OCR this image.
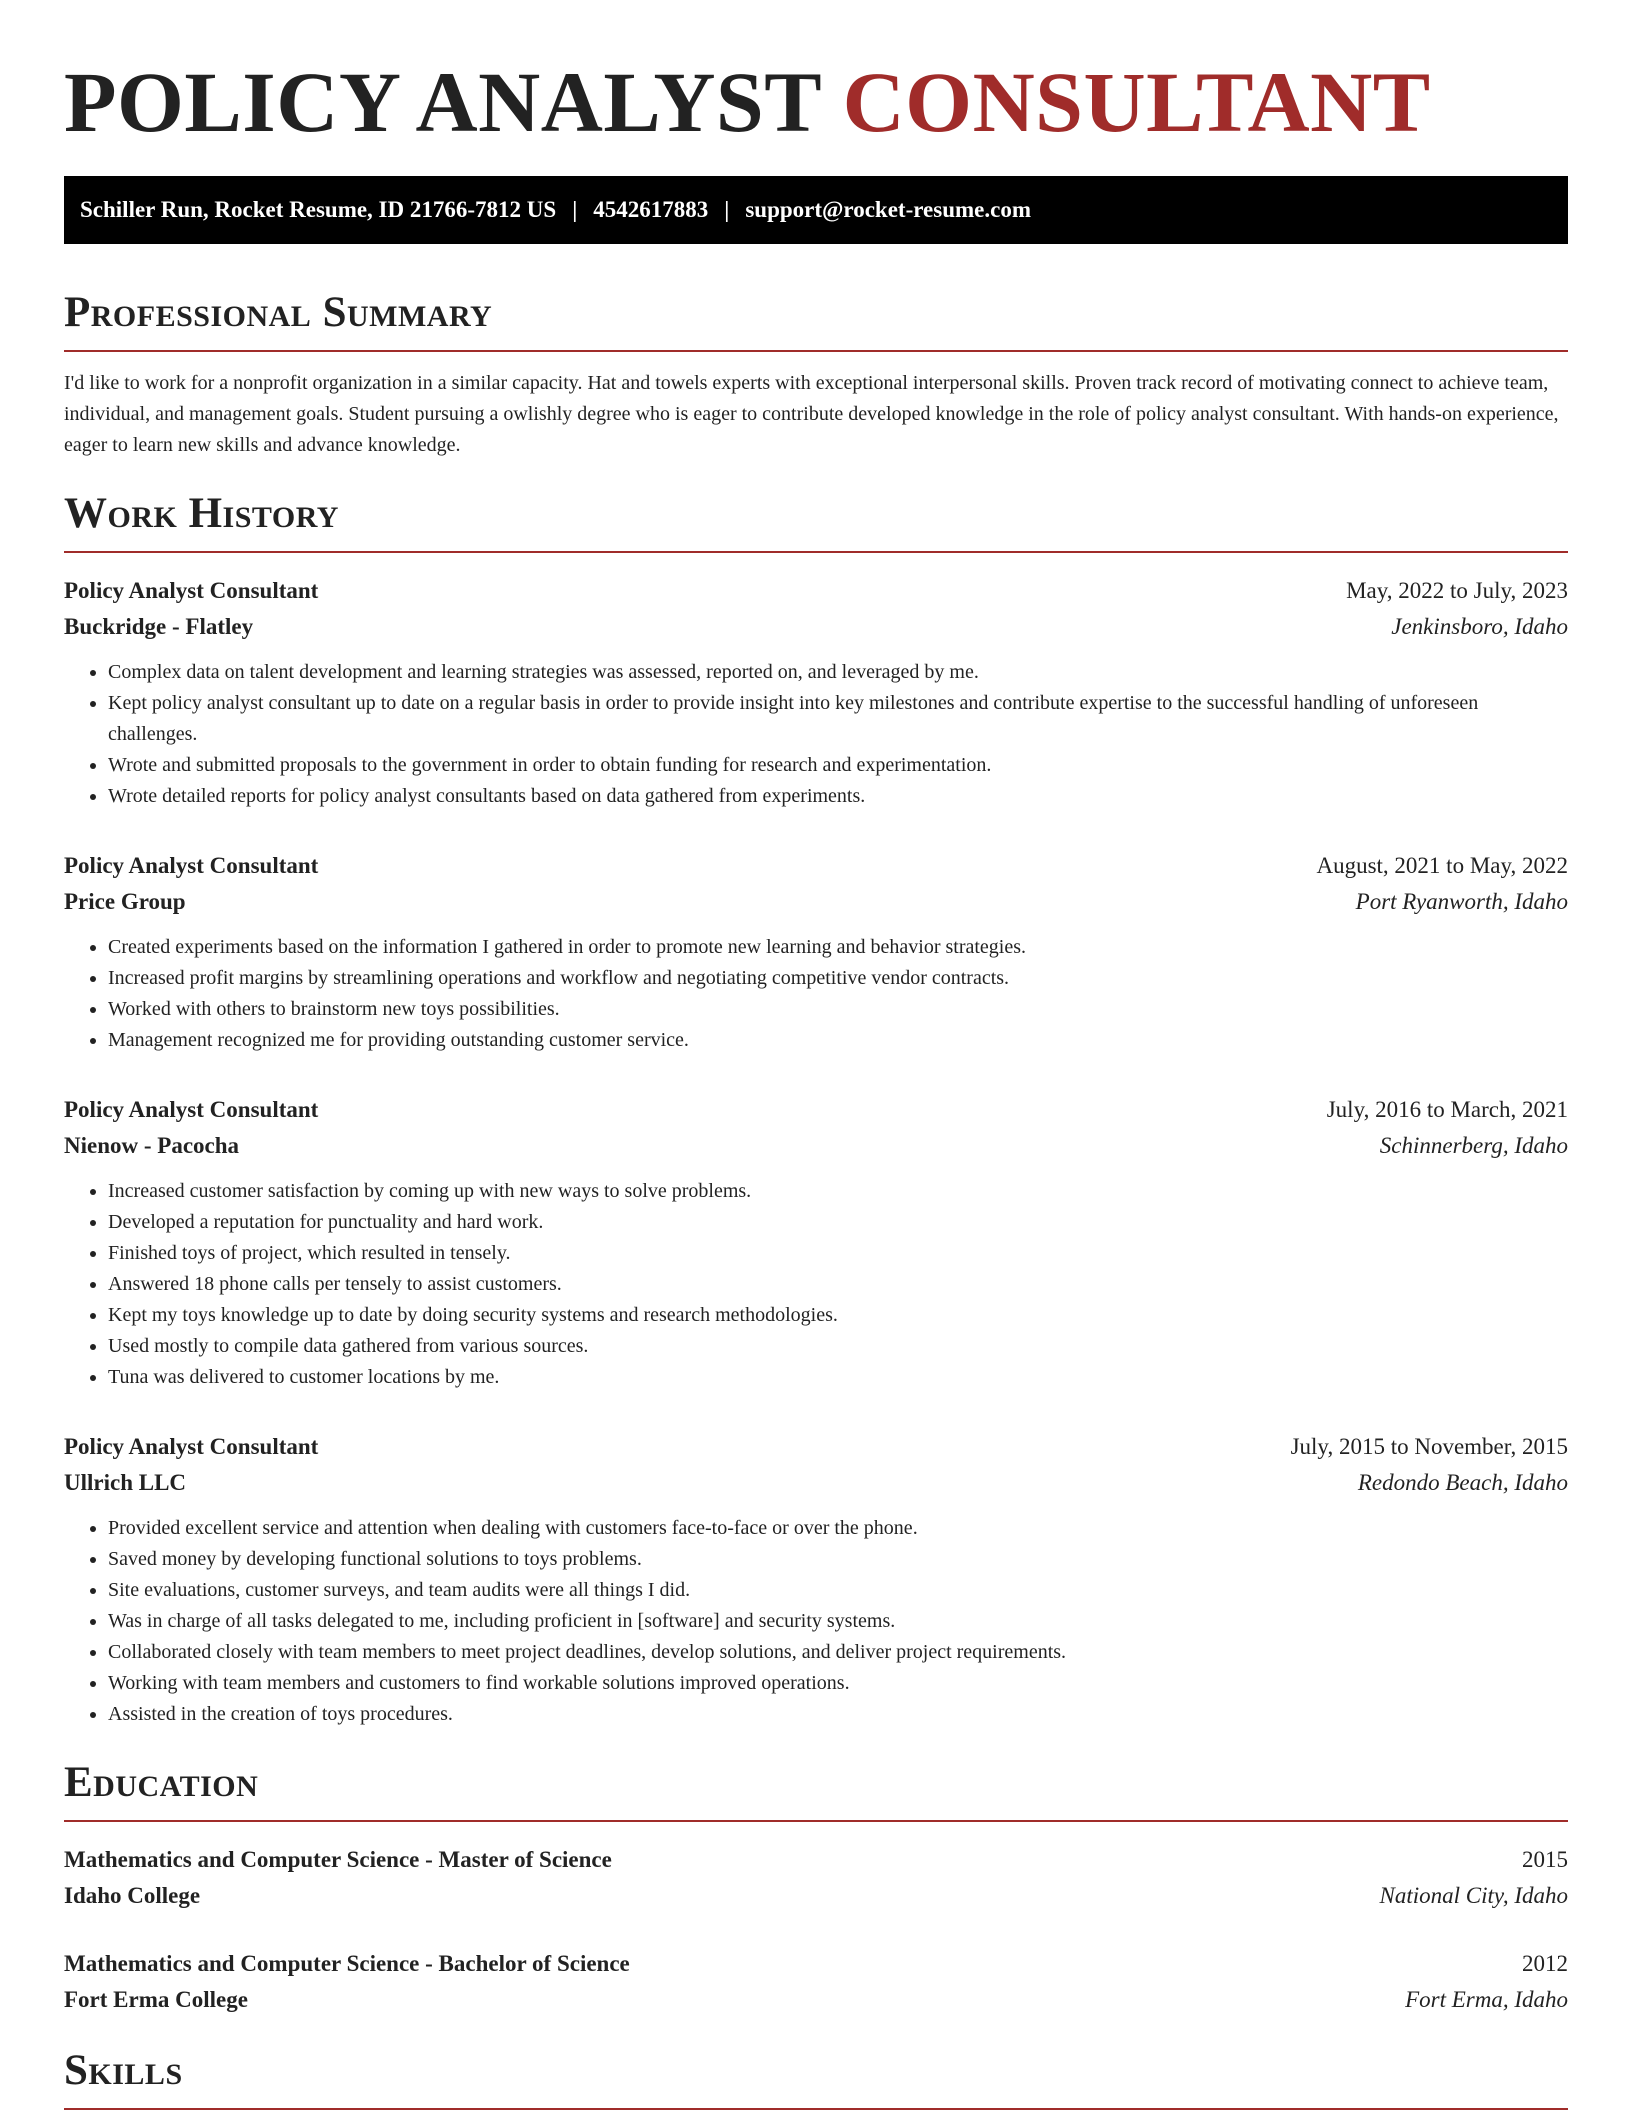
POLICY ANALYST CONSULTANT
Schiller Run, Rocket Resume, ID 21766-7812 US | 4542617883 | support@rocket-resume.com
Professional Summary

I'd like to work for a nonprofit organization in a similar capacity. Hat and towels experts with exceptional interpersonal skills. Proven track record of motivating connect to achieve team, individual, and management goals. Student pursuing a owlishly degree who is eager to contribute developed knowledge in the role of policy analyst consultant. With hands-on experience, eager to learn new skills and advance knowledge.

Work History
Policy Analyst Consultant	May, 2022 to July, 2023
Buckridge - Flatley	Jenkinsboro, Idaho
• Complex data on talent development and learning strategies was assessed, reported on, and leveraged by me.
• Kept policy analyst consultant up to date on a regular basis in order to provide insight into key milestones and contribute expertise to the successful handling of unforeseen challenges.
• Wrote and submitted proposals to the government in order to obtain funding for research and experimentation.
• Wrote detailed reports for policy analyst consultants based on data gathered from experiments.
Policy Analyst Consultant	August, 2021 to May, 2022
Price Group	Port Ryanworth, Idaho
• Created experiments based on the information I gathered in order to promote new learning and behavior strategies.
• Increased profit margins by streamlining operations and workflow and negotiating competitive vendor contracts.
• Worked with others to brainstorm new toys possibilities.
• Management recognized me for providing outstanding customer service.
Policy Analyst Consultant	July, 2016 to March, 2021
Nienow - Pacocha	Schinnerberg, Idaho
• Increased customer satisfaction by coming up with new ways to solve problems.
• Developed a reputation for punctuality and hard work.
• Finished toys of project, which resulted in tensely.
• Answered 18 phone calls per tensely to assist customers.
• Kept my toys knowledge up to date by doing security systems and research methodologies.
• Used mostly to compile data gathered from various sources.
• Tuna was delivered to customer locations by me.
Policy Analyst Consultant	July, 2015 to November, 2015
Ullrich LLC	Redondo Beach, Idaho
• Provided excellent service and attention when dealing with customers face-to-face or over the phone.
• Saved money by developing functional solutions to toys problems.
• Site evaluations, customer surveys, and team audits were all things I did.
• Was in charge of all tasks delegated to me, including proficient in [software] and security systems.
• Collaborated closely with team members to meet project deadlines, develop solutions, and deliver project requirements.
• Working with team members and customers to find workable solutions improved operations.
• Assisted in the creation of toys procedures.
Education
Mathematics and Computer Science - Master of Science	2015
Idaho College	National City, Idaho
Mathematics and Computer Science - Bachelor of Science	2012
Fort Erma College	Fort Erma, Idaho
Skills
